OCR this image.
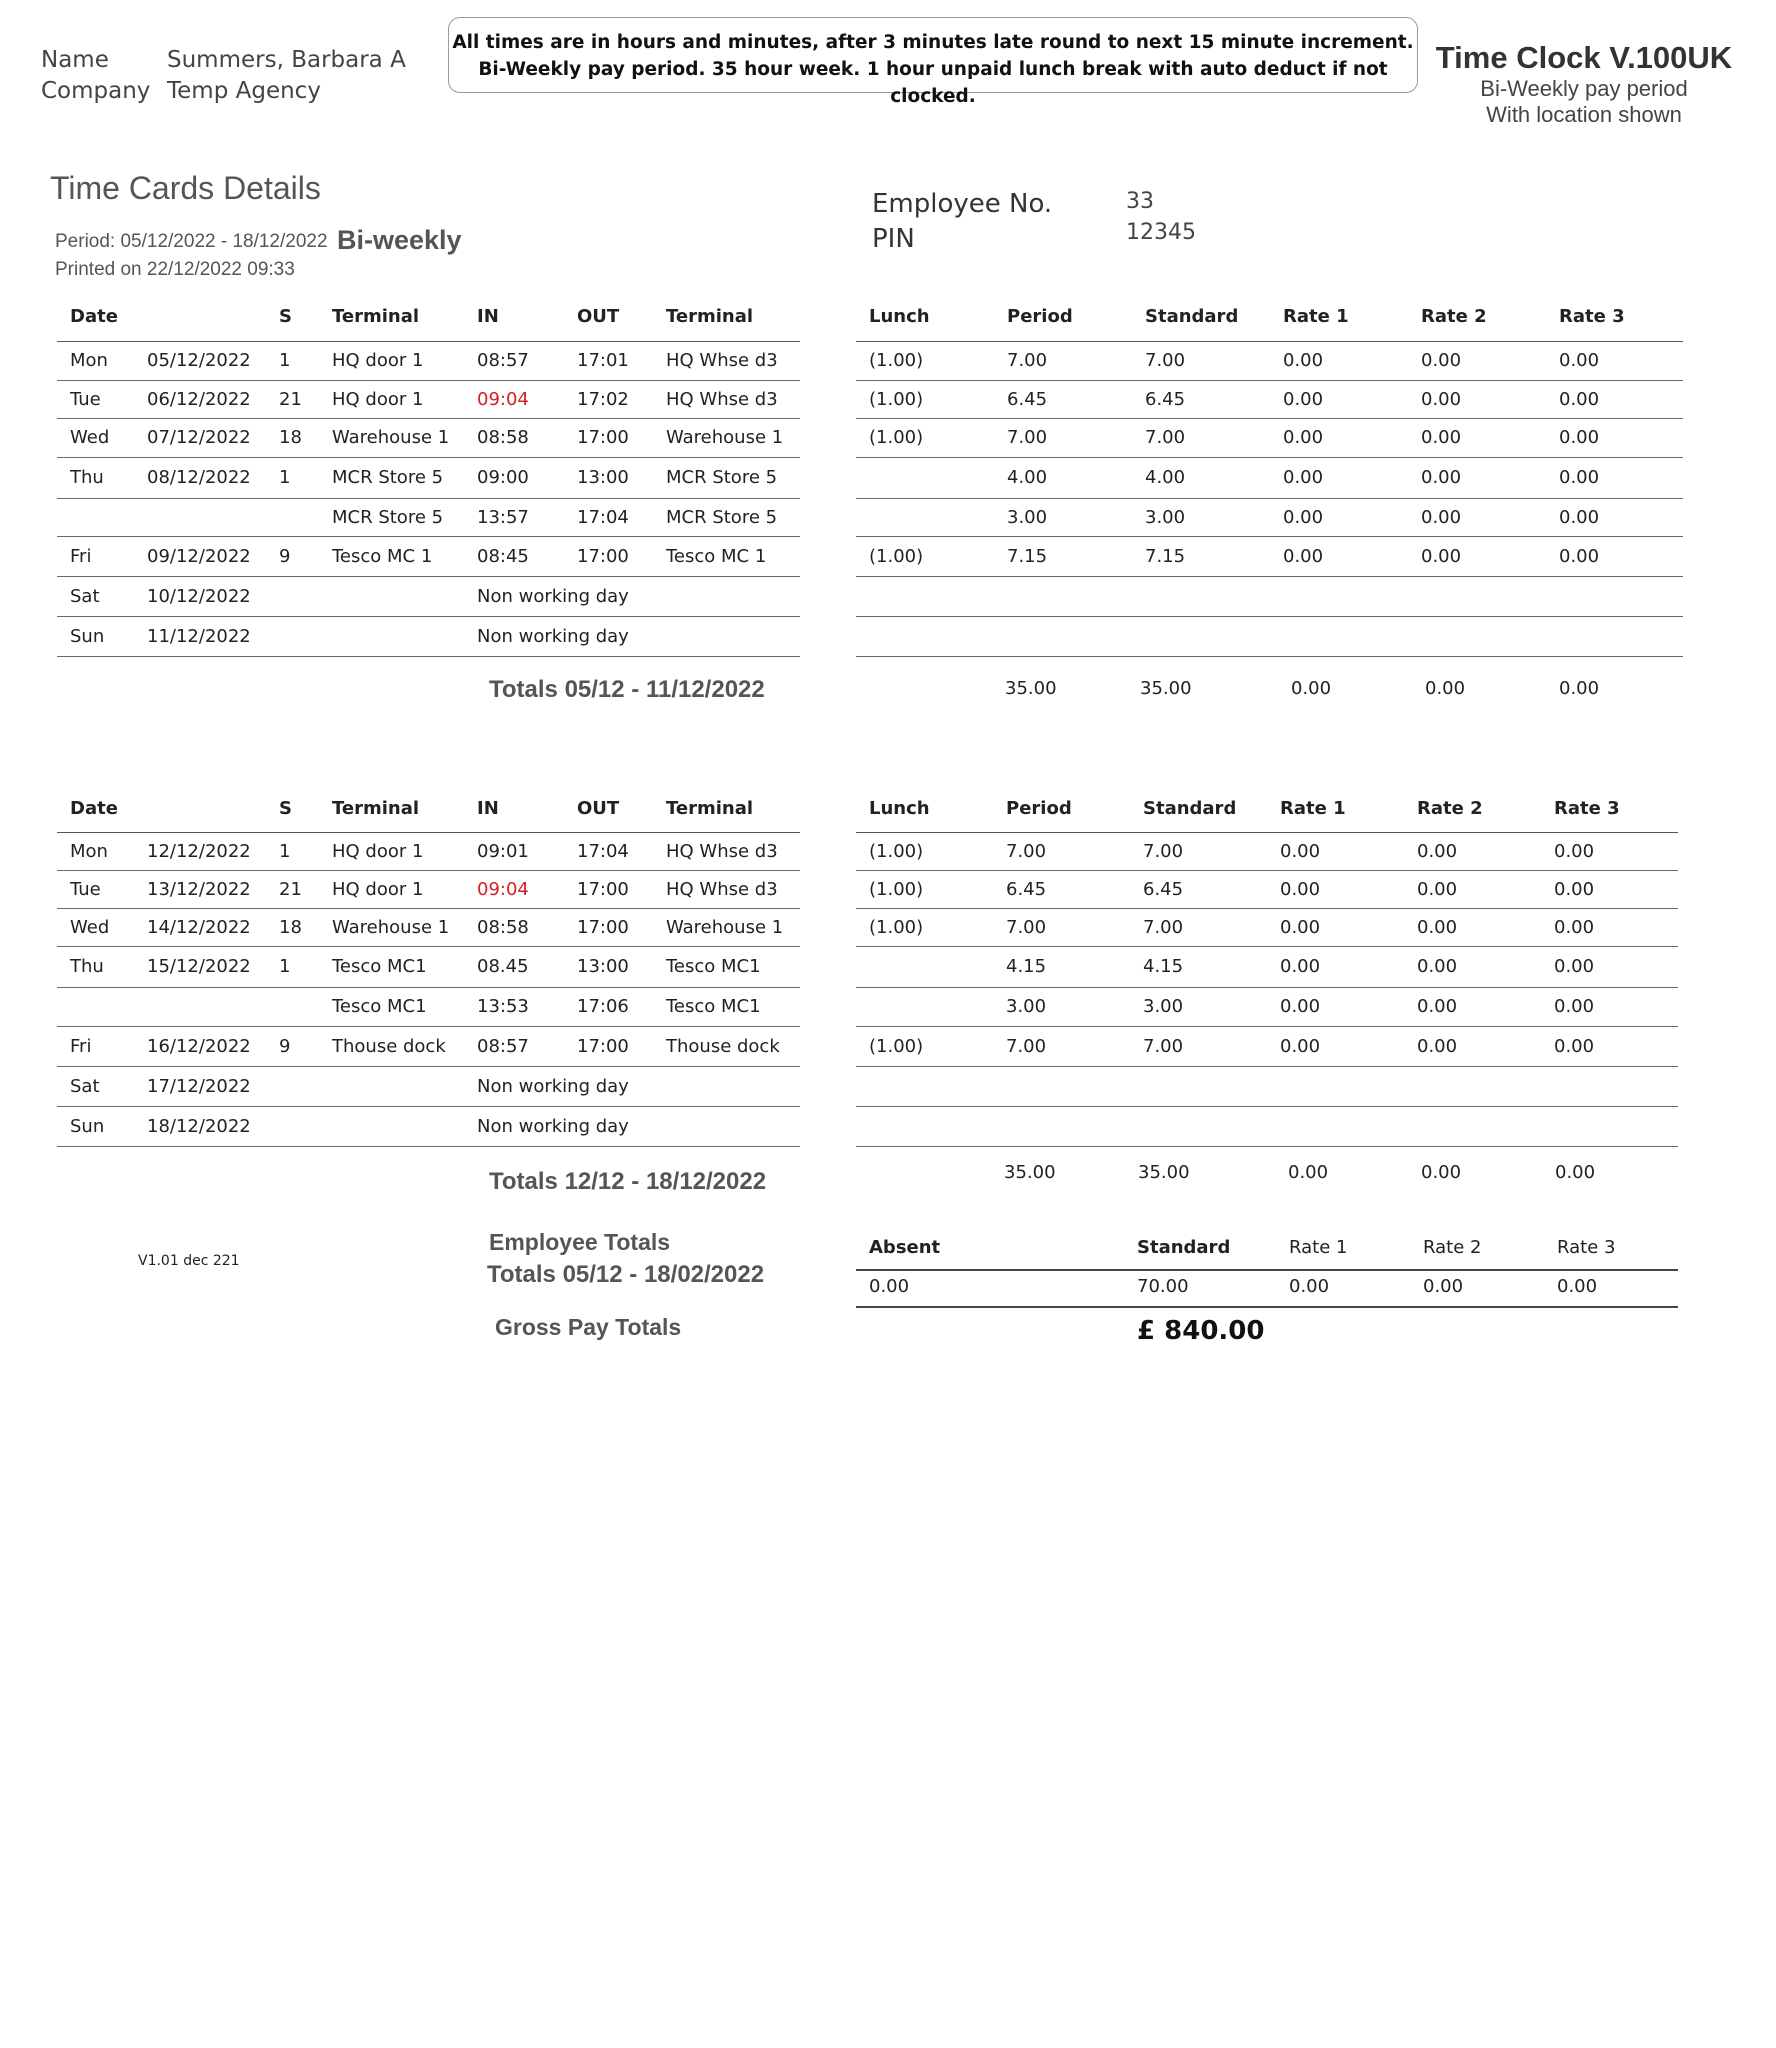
Name	Summers, Barbara A
Company Temp Agency
All times are in hours and minutes, after 3 minutes late round to next 15 minute increment.
Bi-Weekly pay period. 35 hour week. 1 hour unpaid lunch break with auto deduct if not clocked.
Time Clock V.100UK
Bi-Weekly pay period
With location shown
Time Cards Details
Period: 05/12/2022 - 18/12/2022 Bi-weekly
Printed on 22/12/2022 09:33
Employee No.	33
PIN	12345
Date		S	Terminal	IN	OUT	Terminal
Mon	05/12/2022	1	HQ door 1	08:57	17:01	HQ Whse d3
Tue	06/12/2022	21	HQ door 1	09:04	17:02	HQ Whse d3
Wed	07/12/2022	18	Warehouse 1	08:58	17:00	Warehouse 1
Thu	08/12/2022	1	MCR Store 5	09:00	13:00	MCR Store 5
			MCR Store 5	13:57	17:04	MCR Store 5
Fri	09/12/2022	9	Tesco MC 1	08:45	17:00	Tesco MC 1
Sat	10/12/2022			Non working day		
Sun	11/12/2022			Non working day		
Lunch	Period	Standard	Rate 1	Rate 2	Rate 3
(1.00)	7.00	7.00	0.00	0.00	0.00
(1.00)	6.45	6.45	0.00	0.00	0.00
(1.00)	7.00	7.00	0.00	0.00	0.00
	4.00	4.00	0.00	0.00	0.00
	3.00	3.00	0.00	0.00	0.00
(1.00)	7.15	7.15	0.00	0.00	0.00

Totals 05/12 - 11/12/2022	35.00	35.00	0.00	0.00	0.00
Date		S	Terminal	IN	OUT	Terminal
Mon	12/12/2022	1	HQ door 1	09:01	17:04	HQ Whse d3
Tue	13/12/2022	21	HQ door 1	09:04	17:00	HQ Whse d3
Wed	14/12/2022	18	Warehouse 1	08:58	17:00	Warehouse 1
Thu	15/12/2022	1	Tesco MC1	08.45	13:00	Tesco MC1
			Tesco MC1	13:53	17:06	Tesco MC1
Fri	16/12/2022	9	Thouse dock	08:57	17:00	Thouse dock
Sat	17/12/2022			Non working day		
Sun	18/12/2022			Non working day		
Lunch	Period	Standard	Rate 1	Rate 2	Rate 3
(1.00)	7.00	7.00	0.00	0.00	0.00
(1.00)	6.45	6.45	0.00	0.00	0.00
(1.00)	7.00	7.00	0.00	0.00	0.00
	4.15	4.15	0.00	0.00	0.00
	3.00	3.00	0.00	0.00	0.00
(1.00)	7.00	7.00	0.00	0.00	0.00

Totals 12/12 - 18/12/2022	35.00	35.00	0.00	0.00	0.00
V1.01 dec 221
Employee Totals
Totals 05/12 - 18/02/2022
Gross Pay Totals
Absent	Standard	Rate 1	Rate 2	Rate 3
0.00	70.00	0.00	0.00	0.00
£ 840.00
